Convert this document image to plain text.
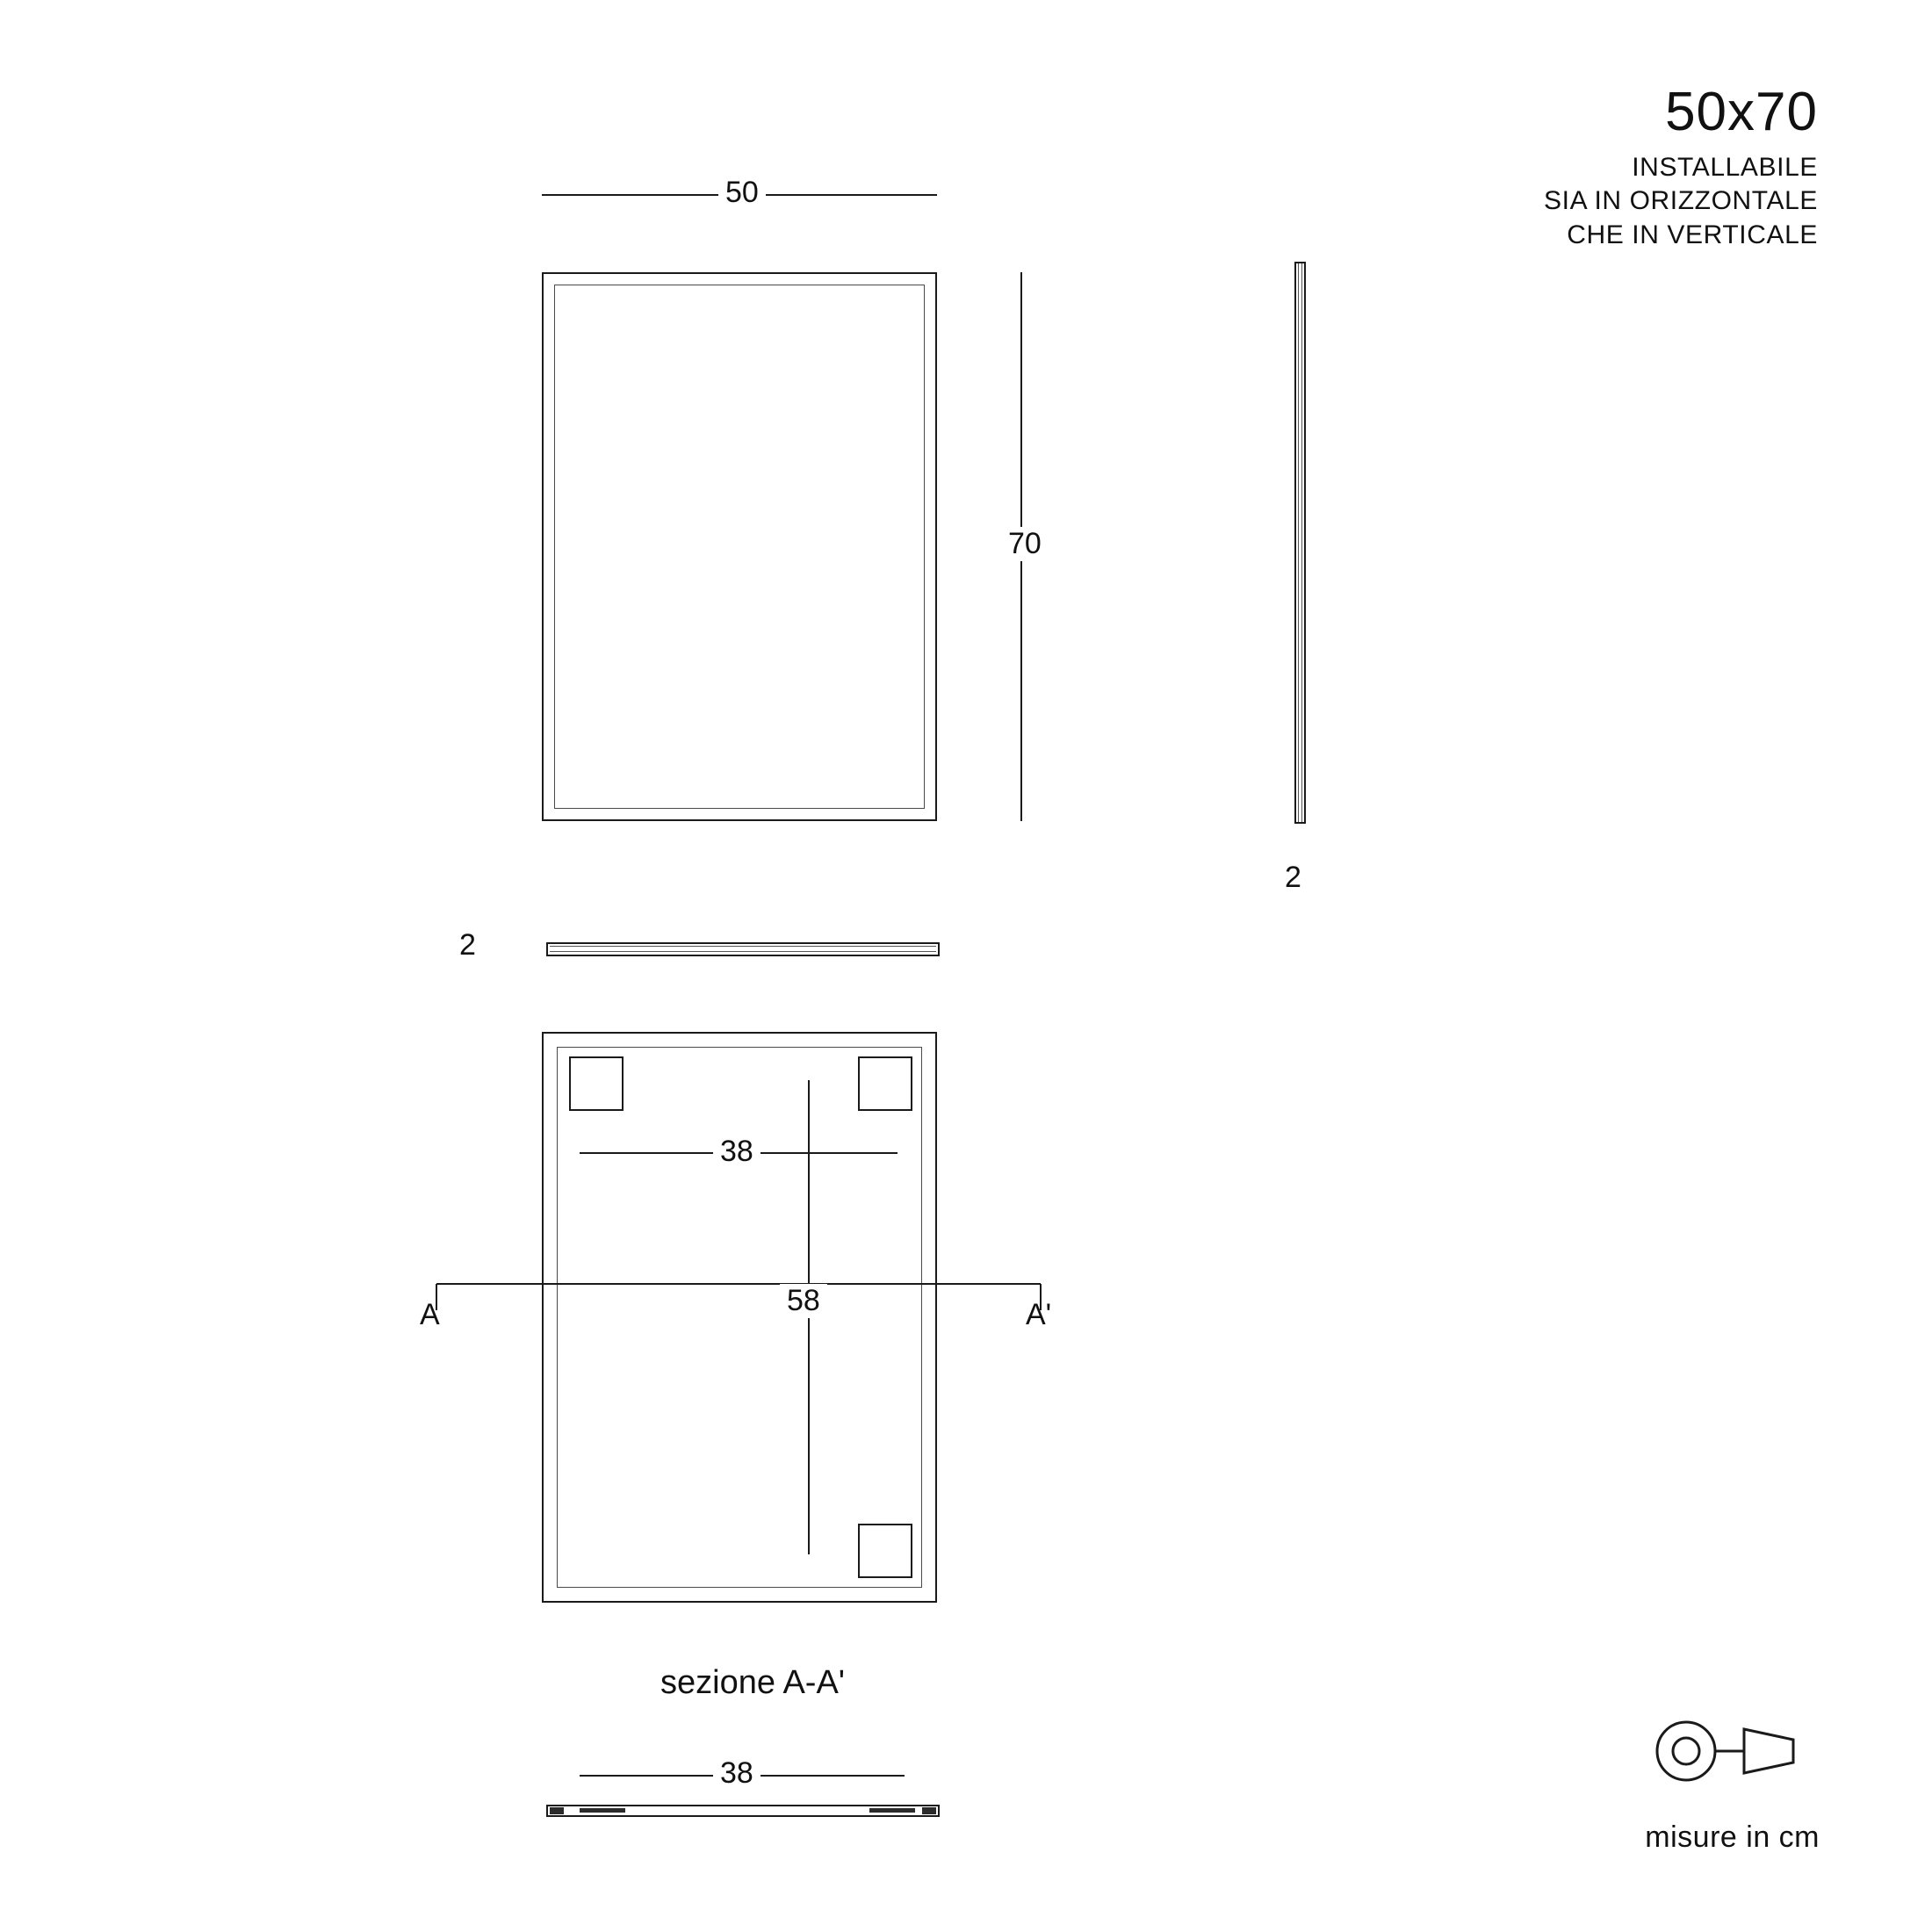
50x70
INSTALLABILE
SIA IN ORIZZONTALE
CHE IN VERTICALE
50
70
2
2
38
58
38
A	A'
sezione A-A'
misure in cm
